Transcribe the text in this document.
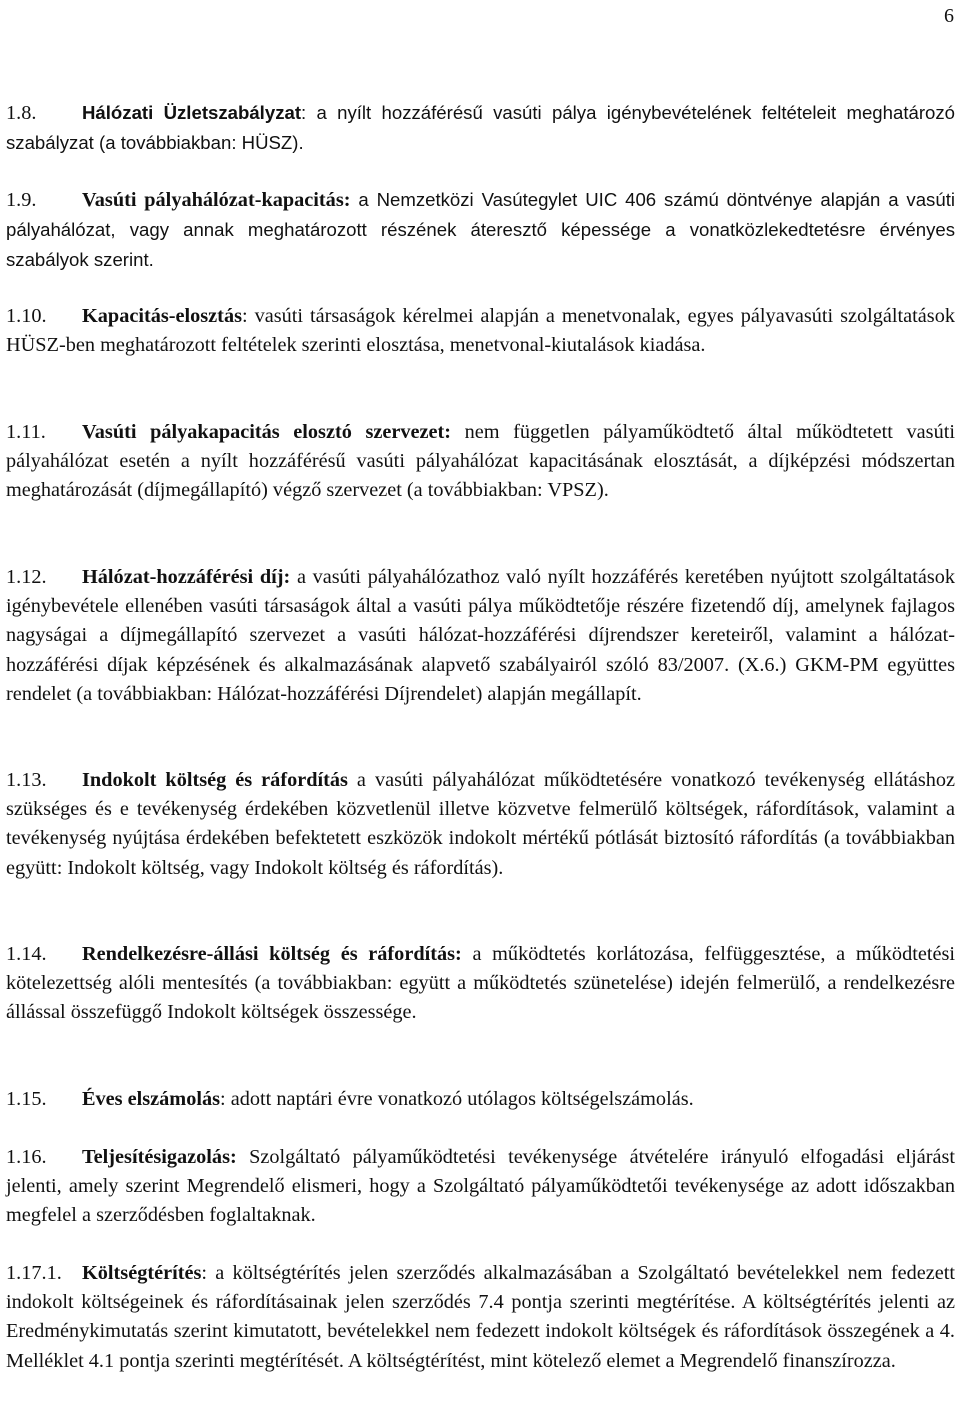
6

1.8. Hálózati Üzletszabályzat: a nyílt hozzáférésű vasúti pálya igénybevételének feltételeit meghatározó szabályzat (a továbbiakban: HÜSZ).

1.9. Vasúti pályahálózat-kapacitás: a Nemzetközi Vasútegylet UIC 406 számú döntvénye alapján a vasúti pályahálózat, vagy annak meghatározott részének áteresztő képessége a vonatközlekedtetésre érvényes szabályok szerint.

1.10. Kapacitás-elosztás: vasúti társaságok kérelmei alapján a menetvonalak, egyes pályavasúti szolgáltatások HÜSZ-ben meghatározott feltételek szerinti elosztása, menetvonal-kiutalások kiadása.

1.11. Vasúti pályakapacitás elosztó szervezet: nem független pályaműködtető által működtetett vasúti pályahálózat esetén a nyílt hozzáférésű vasúti pályahálózat kapacitásának elosztását, a díjképzési módszertan meghatározását (díjmegállapító) végző szervezet (a továbbiakban: VPSZ).

1.12. Hálózat-hozzáférési díj: a vasúti pályahálózathoz való nyílt hozzáférés keretében nyújtott szolgáltatások igénybevétele ellenében vasúti társaságok által a vasúti pálya működtetője részére fizetendő díj, amelynek fajlagos nagyságai a díjmegállapító szervezet a vasúti hálózat-hozzáférési díjrendszer kereteiről, valamint a hálózat-hozzáférési díjak képzésének és alkalmazásának alapvető szabályairól szóló 83/2007. (X.6.) GKM-PM együttes rendelet (a továbbiakban: Hálózat-hozzáférési Díjrendelet) alapján megállapít.

1.13. Indokolt költség és ráfordítás a vasúti pályahálózat működtetésére vonatkozó tevékenység ellátáshoz szükséges és e tevékenység érdekében közvetlenül illetve közvetve felmerülő költségek, ráfordítások, valamint a tevékenység nyújtása érdekében befektetett eszközök indokolt mértékű pótlását biztosító ráfordítás (a továbbiakban együtt: Indokolt költség, vagy Indokolt költség és ráfordítás).

1.14. Rendelkezésre-állási költség és ráfordítás: a működtetés korlátozása, felfüggesztése, a működtetési kötelezettség alóli mentesítés (a továbbiakban: együtt a működtetés szünetelése) idején felmerülő, a rendelkezésre állással összefüggő Indokolt költségek összessége.

1.15. Éves elszámolás: adott naptári évre vonatkozó utólagos költségelszámolás.

1.16. Teljesítésigazolás: Szolgáltató pályaműködtetési tevékenysége átvételére irányuló elfogadási eljárást jelenti, amely szerint Megrendelő elismeri, hogy a Szolgáltató pályaműködtetői tevékenysége az adott időszakban megfelel a szerződésben foglaltaknak.

1.17.1. Költségtérítés: a költségtérítés jelen szerződés alkalmazásában a Szolgáltató bevételekkel nem fedezett indokolt költségeinek és ráfordításainak jelen szerződés 7.4 pontja szerinti megtérítése. A költségtérítés jelenti az Eredménykimutatás szerint kimutatott, bevételekkel nem fedezett indokolt költségek és ráfordítások összegének a 4. Melléklet 4.1 pontja szerinti megtérítését. A költségtérítést, mint kötelező elemet a Megrendelő finanszírozza.
